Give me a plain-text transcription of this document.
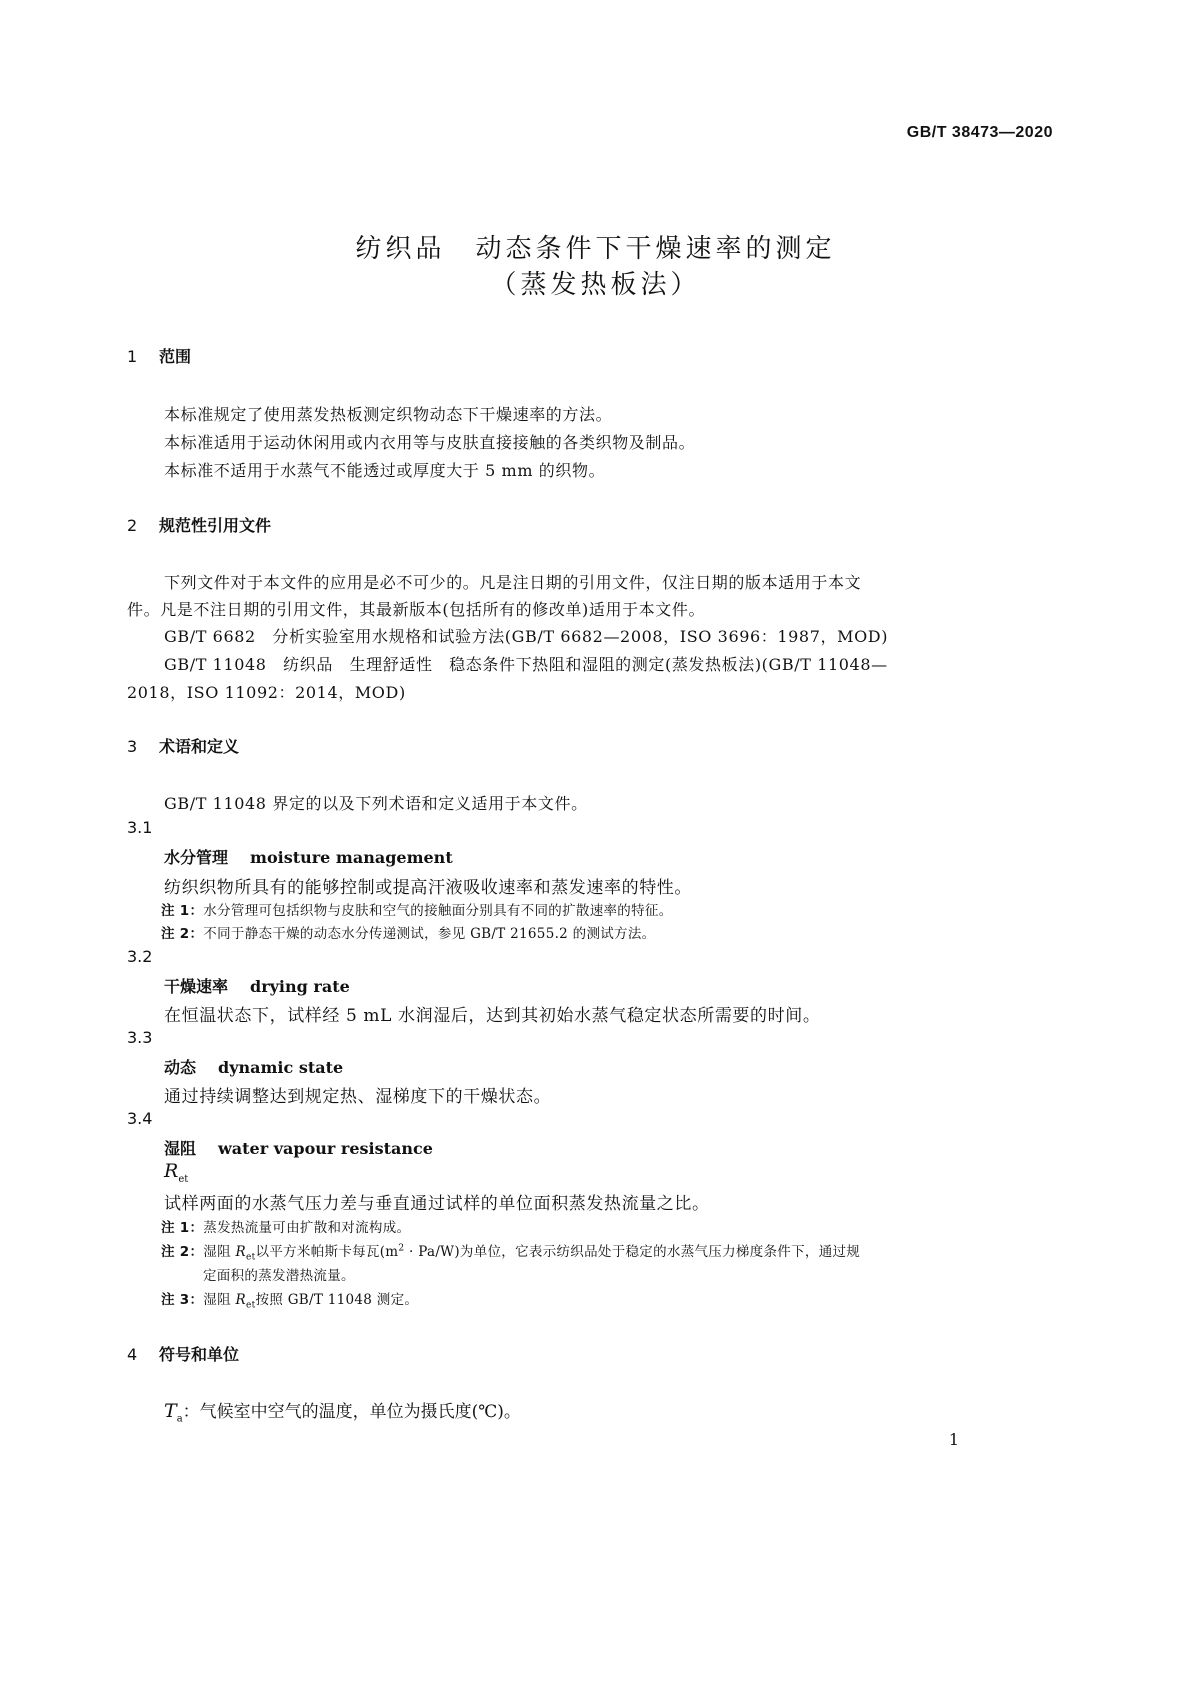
GB/T 38473—2020
纺织品　动态条件下干燥速率的测定
（蒸发热板法）
1 范围
本标准规定了使用蒸发热板测定织物动态下干燥速率的方法。
本标准适用于运动休闲用或内衣用等与皮肤直接接触的各类织物及制品。
本标准不适用于水蒸气不能透过或厚度大于 5 mm 的织物。
2 规范性引用文件
下列文件对于本文件的应用是必不可少的。凡是注日期的引用文件，仅注日期的版本适用于本文
件。凡是不注日期的引用文件，其最新版本(包括所有的修改单)适用于本文件。
GB/T 6682　分析实验室用水规格和试验方法(GB/T 6682—2008，ISO 3696：1987，MOD)
GB/T 11048　纺织品　生理舒适性　稳态条件下热阻和湿阻的测定(蒸发热板法)(GB/T 11048—
2018，ISO 11092：2014，MOD)
3 术语和定义
GB/T 11048 界定的以及下列术语和定义适用于本文件。
3.1
水分管理 moisture management
纺织织物所具有的能够控制或提高汗液吸收速率和蒸发速率的特性。
注 1：水分管理可包括织物与皮肤和空气的接触面分别具有不同的扩散速率的特征。
注 2：不同于静态干燥的动态水分传递测试，参见 GB/T 21655.2 的测试方法。
3.2
干燥速率 drying rate
在恒温状态下，试样经 5 mL 水润湿后，达到其初始水蒸气稳定状态所需要的时间。
3.3
动态 dynamic state
通过持续调整达到规定热、湿梯度下的干燥状态。
3.4
湿阻 water vapour resistance
$R_{et}$
试样两面的水蒸气压力差与垂直通过试样的单位面积蒸发热流量之比。
注 1：蒸发热流量可由扩散和对流构成。
注 2：湿阻 $R_{et}$以平方米帕斯卡每瓦$(m^2 \cdot Pa/W)$为单位，它表示纺织品处于稳定的水蒸气压力梯度条件下，通过规
定面积的蒸发潜热流量。
注 3：湿阻 $R_{et}$按照 GB/T 11048 测定。
4 符号和单位
$T_a$：气候室中空气的温度，单位为摄氏度(℃)。
1
